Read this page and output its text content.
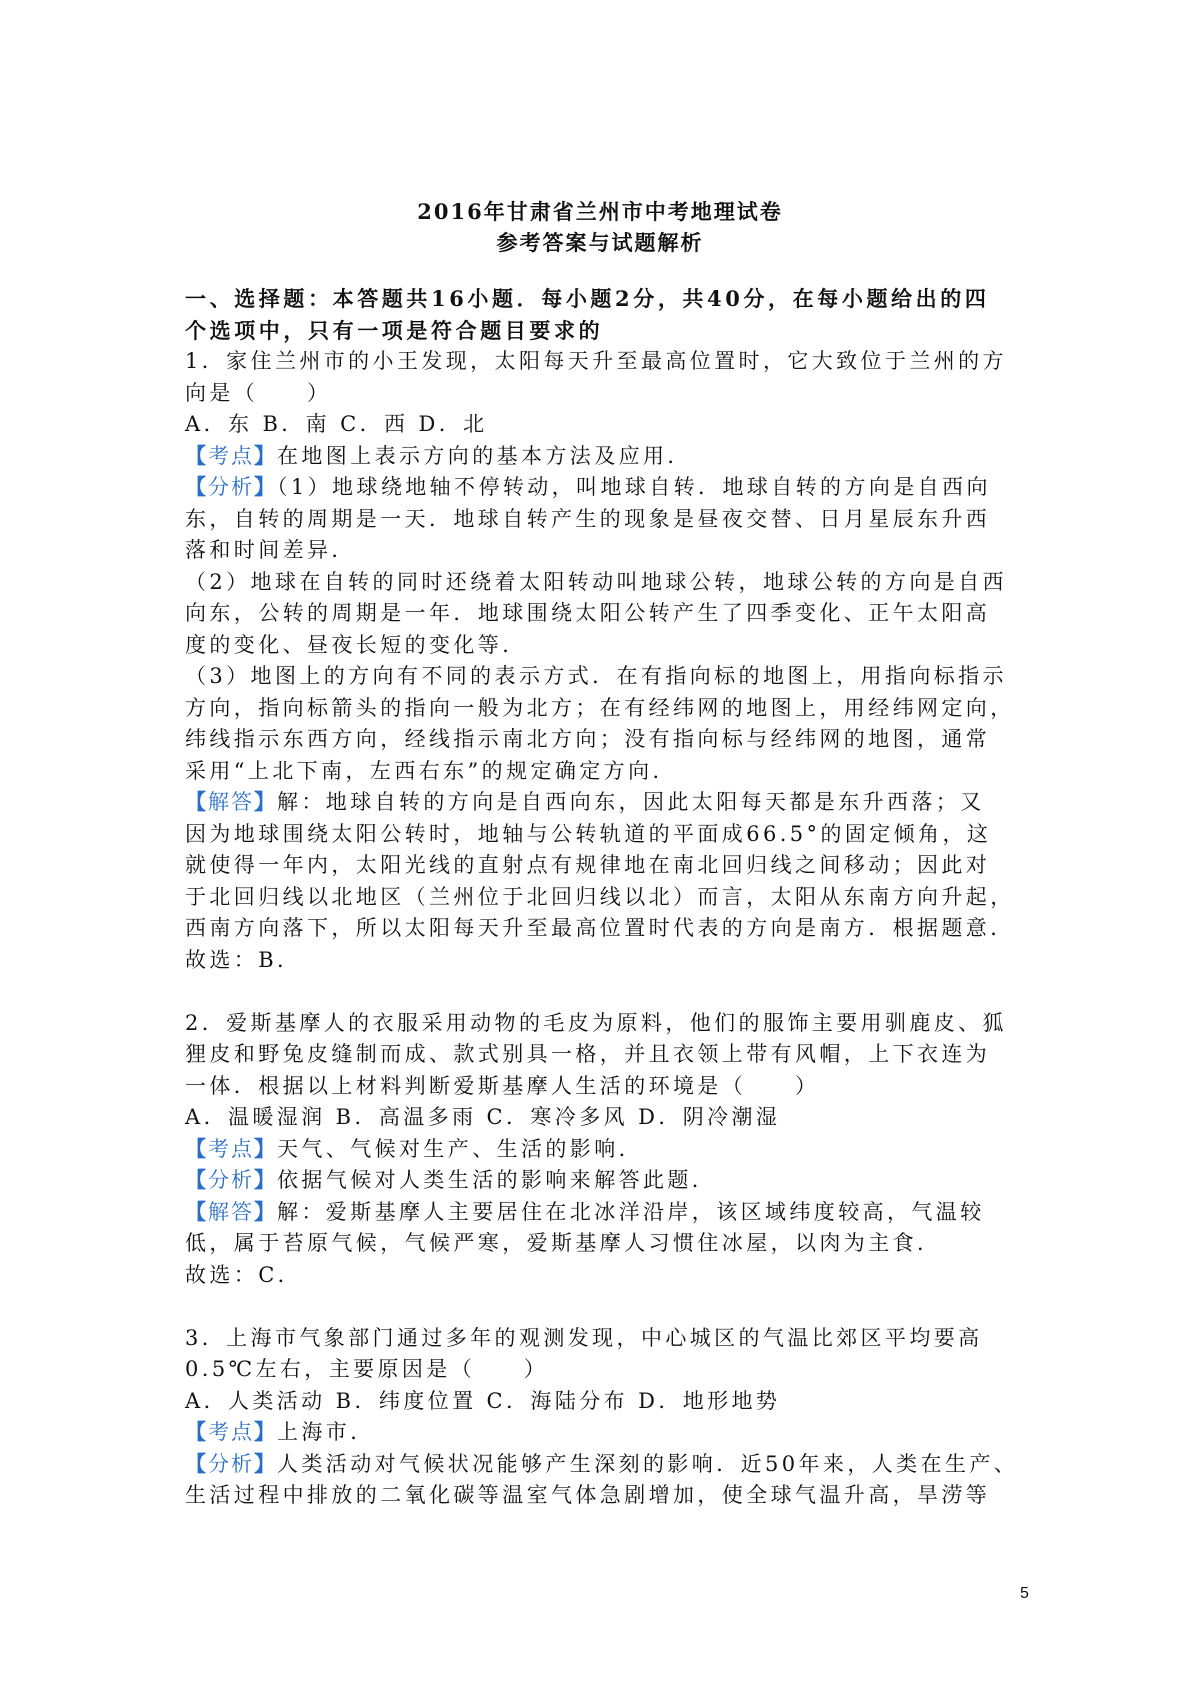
2016年甘肃省兰州市中考地理试卷
参考答案与试题解析
一、选择题：本答题共16小题．每小题2分，共40分，在每小题给出的四
个选项中，只有一项是符合题目要求的
1．家住兰州市的小王发现，太阳每天升至最高位置时，它大致位于兰州的方
向是（　　）
A．东 B．南 C．西 D．北
【考点】在地图上表示方向的基本方法及应用．
【分析】（1）地球绕地轴不停转动，叫地球自转．地球自转的方向是自西向
东，自转的周期是一天．地球自转产生的现象是昼夜交替、日月星辰东升西
落和时间差异．
（2）地球在自转的同时还绕着太阳转动叫地球公转，地球公转的方向是自西
向东，公转的周期是一年．地球围绕太阳公转产生了四季变化、正午太阳高
度的变化、昼夜长短的变化等．
（3）地图上的方向有不同的表示方式．在有指向标的地图上，用指向标指示
方向，指向标箭头的指向一般为北方；在有经纬网的地图上，用经纬网定向，
纬线指示东西方向，经线指示南北方向；没有指向标与经纬网的地图，通常
采用“上北下南，左西右东”的规定确定方向．
【解答】解：地球自转的方向是自西向东，因此太阳每天都是东升西落；又
因为地球围绕太阳公转时，地轴与公转轨道的平面成66.5°的固定倾角，这
就使得一年内，太阳光线的直射点有规律地在南北回归线之间移动；因此对
于北回归线以北地区（兰州位于北回归线以北）而言，太阳从东南方向升起，
西南方向落下，所以太阳每天升至最高位置时代表的方向是南方．根据题意．
故选：B．
2．爱斯基摩人的衣服采用动物的毛皮为原料，他们的服饰主要用驯鹿皮、狐
狸皮和野兔皮缝制而成、款式别具一格，并且衣领上带有风帽，上下衣连为
一体．根据以上材料判断爱斯基摩人生活的环境是（　　）
A．温暖湿润 B．高温多雨 C．寒冷多风 D．阴冷潮湿
【考点】天气、气候对生产、生活的影响．
【分析】依据气候对人类生活的影响来解答此题．
【解答】解：爱斯基摩人主要居住在北冰洋沿岸，该区域纬度较高，气温较
低，属于苔原气候，气候严寒，爱斯基摩人习惯住冰屋，以肉为主食．
故选：C．
3．上海市气象部门通过多年的观测发现，中心城区的气温比郊区平均要高
0.5℃左右，主要原因是（　　）
A．人类活动 B．纬度位置 C．海陆分布 D．地形地势
【考点】上海市．
【分析】人类活动对气候状况能够产生深刻的影响．近50年来，人类在生产、
生活过程中排放的二氧化碳等温室气体急剧增加，使全球气温升高，旱涝等
5
